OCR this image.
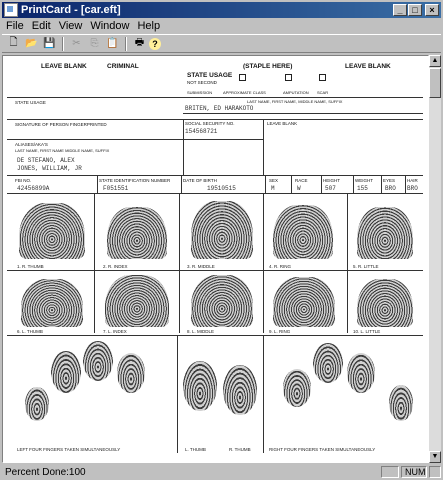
PrintCard - [car.eft]	_	□	×
File Edit View Window Help
🗋 📂 💾	✂ ⎘ 📋	🖶 ?
LEAVE BLANK	CRIMINAL	(STAPLE HERE)	LEAVE BLANK
STATE USAGE
NOT SECOND
SUBMISSION	APPROXIMATE CLASS	AMPUTATION SCAR
STATE USAGE	LAST NAME, FIRST NAME, MIDDLE NAME, SUFFIX
BRITEN, ED HARAKOTO
SIGNATURE OF PERSON FINGERPRINTED	SOCIAL SECURITY NO.
154568721
LEAVE BLANK
ALIASES/AKA'S
LAST NAME, FIRST NAME MIDDLE NAME, SUFFIX
DE STEFANO, ALEX
JONES, WILLIAM, JR
FBI NO.
42456899A
STATE IDENTIFICATION NUMBER
F051551
DATE OF BIRTH
19510515
SEX
M
RACE
W
HEIGHT
507
WEIGHT
155
EYES
BRO
HAIR
BRO
1. R. THUMB	2. R. INDEX	3. R. MIDDLE	4. R. RING	5. R. LITTLE
6. L. THUMB	7. L. INDEX	8. L. MIDDLE	9. L. RING	10. L. LITTLE
LEFT FOUR FINGERS TAKEN SIMULTANEOUSLY	L. THUMB	R. THUMB	RIGHT FOUR FINGERS TAKEN SIMULTANEOUSLY
▲
▼
Percent Done:100	NUM
